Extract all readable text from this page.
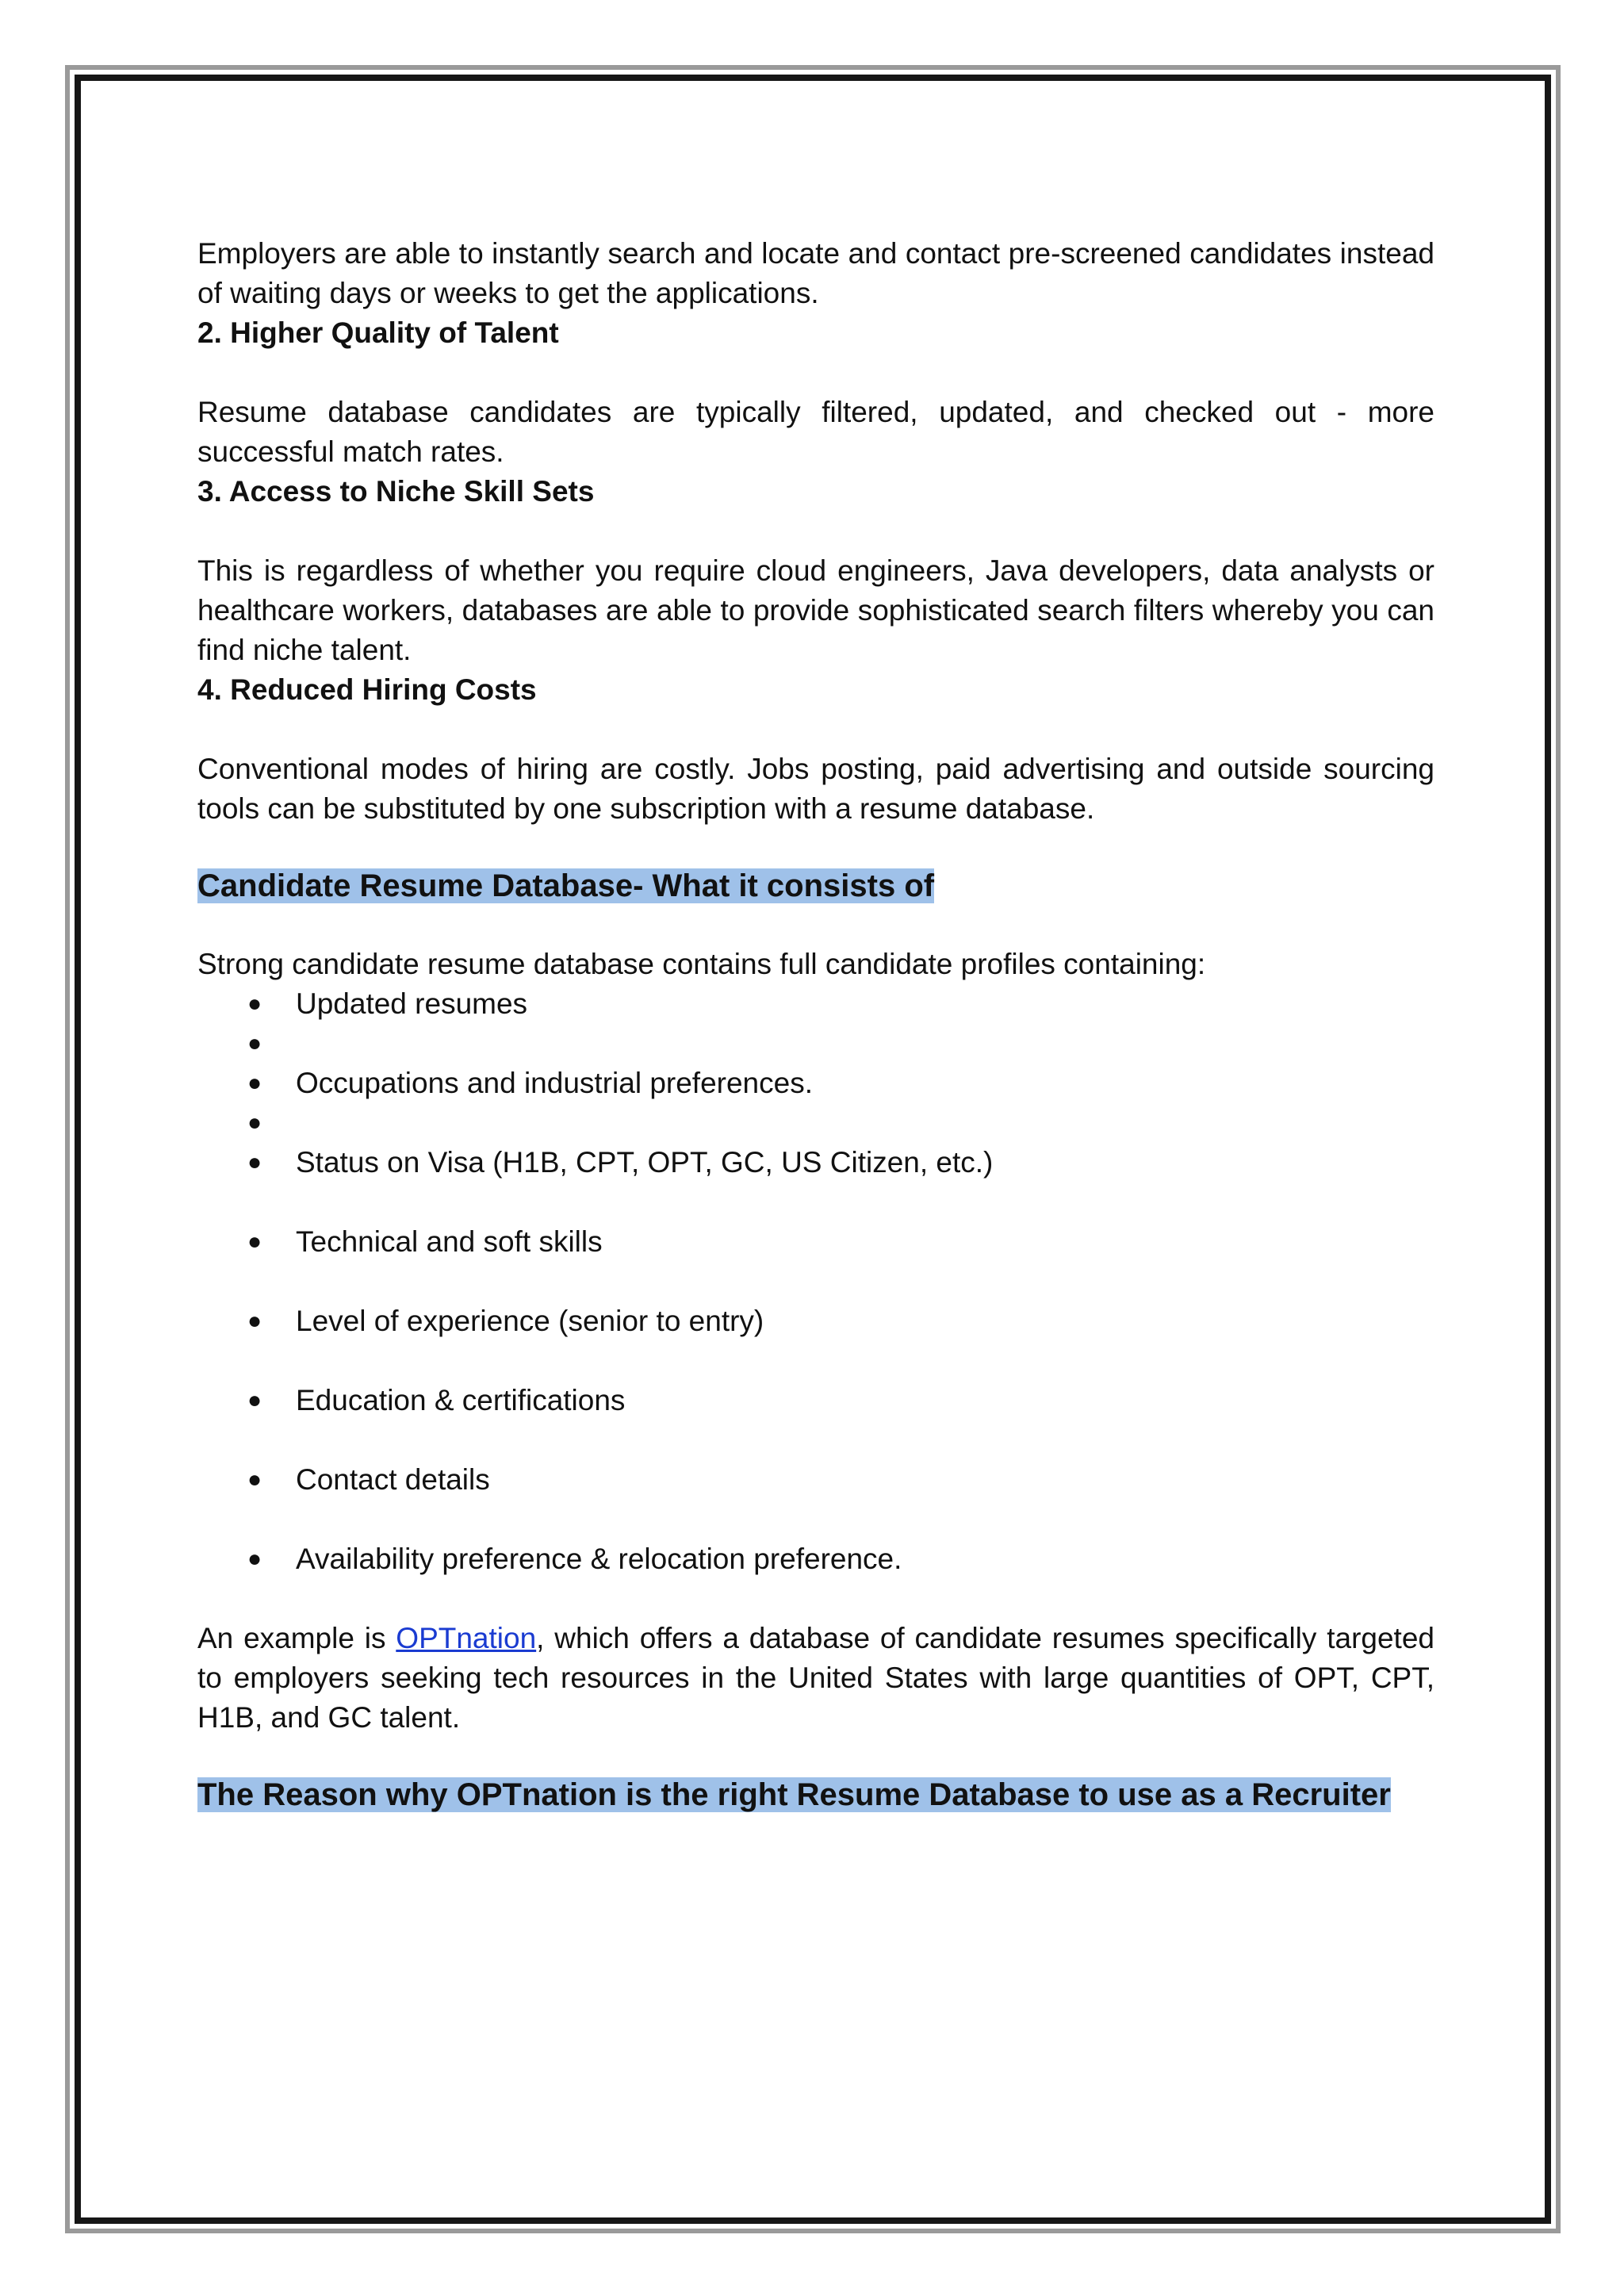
Employers are able to instantly search and locate and contact pre-screened candidates instead of waiting days or weeks to get the applications.

2. Higher Quality of Talent

Resume database candidates are typically filtered, updated, and checked out - more successful match rates.

3. Access to Niche Skill Sets

This is regardless of whether you require cloud engineers, Java developers, data analysts or healthcare workers, databases are able to provide sophisticated search filters whereby you can find niche talent.

4. Reduced Hiring Costs

Conventional modes of hiring are costly. Jobs posting, paid advertising and outside sourcing tools can be substituted by one subscription with a resume database.

Candidate Resume Database- What it consists of

Strong candidate resume database contains full candidate profiles containing:

● Updated resumes
●
● Occupations and industrial preferences.
●
● Status on Visa (H1B, CPT, OPT, GC, US Citizen, etc.)
● Technical and soft skills
● Level of experience (senior to entry)
● Education & certifications
● Contact details
● Availability preference & relocation preference.

An example is OPTnation, which offers a database of candidate resumes specifically targeted to employers seeking tech resources in the United States with large quantities of OPT, CPT, H1B, and GC talent.

The Reason why OPTnation is the right Resume Database to use as a Recruiter
